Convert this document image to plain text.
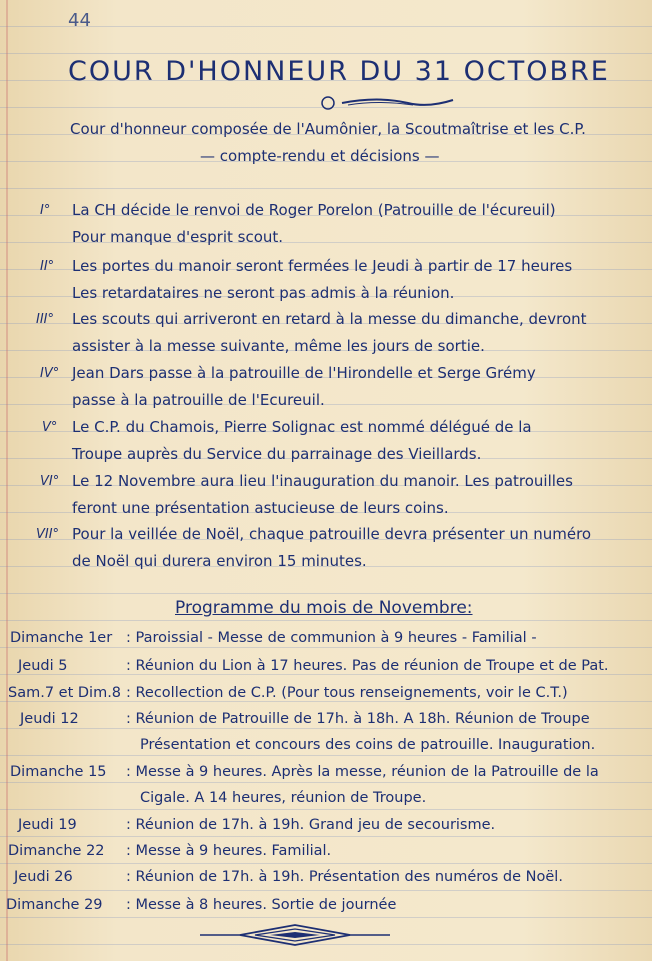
44
COUR D'HONNEUR DU 31 OCTOBRE
Cour d'honneur composée de l'Aumônier, la Scoutmaîtrise et les C.P.
— compte-rendu et décisions —
I° La CH décide le renvoi de Roger Porelon (Patrouille de l'écureuil)
Pour manque d'esprit scout.
II° Les portes du manoir seront fermées le Jeudi à partir de 17 heures
Les retardataires ne seront pas admis à la réunion.
III° Les scouts qui arriveront en retard à la messe du dimanche, devront
assister à la messe suivante, même les jours de sortie.
IV° Jean Dars passe à la patrouille de l'Hirondelle et Serge Grémy
passe à la patrouille de l'Ecureuil.
V° Le C.P. du Chamois, Pierre Solignac est nommé délégué de la
Troupe auprès du Service du parrainage des Vieillards.
VI° Le 12 Novembre aura lieu l'inauguration du manoir. Les patrouilles
feront une présentation astucieuse de leurs coins.
VII° Pour la veillée de Noël, chaque patrouille devra présenter un numéro
de Noël qui durera environ 15 minutes.
Programme du mois de Novembre:
Dimanche 1er : Paroissial - Messe de communion à 9 heures - Familial -
Jeudi 5	: Réunion du Lion à 17 heures. Pas de réunion de Troupe et de Pat.
Sam.7 et Dim.8 : Recollection de C.P. (Pour tous renseignements, voir le C.T.)
Jeudi 12	: Réunion de Patrouille de 17h. à 18h. A 18h. Réunion de Troupe
Présentation et concours des coins de patrouille. Inauguration.
Dimanche 15 : Messe à 9 heures. Après la messe, réunion de la Patrouille de la
Cigale. A 14 heures, réunion de Troupe.
Jeudi 19	: Réunion de 17h. à 19h. Grand jeu de secourisme.
Dimanche 22 : Messe à 9 heures. Familial.
Jeudi 26	: Réunion de 17h. à 19h. Présentation des numéros de Noël.
Dimanche 29 : Messe à 8 heures. Sortie de journée
